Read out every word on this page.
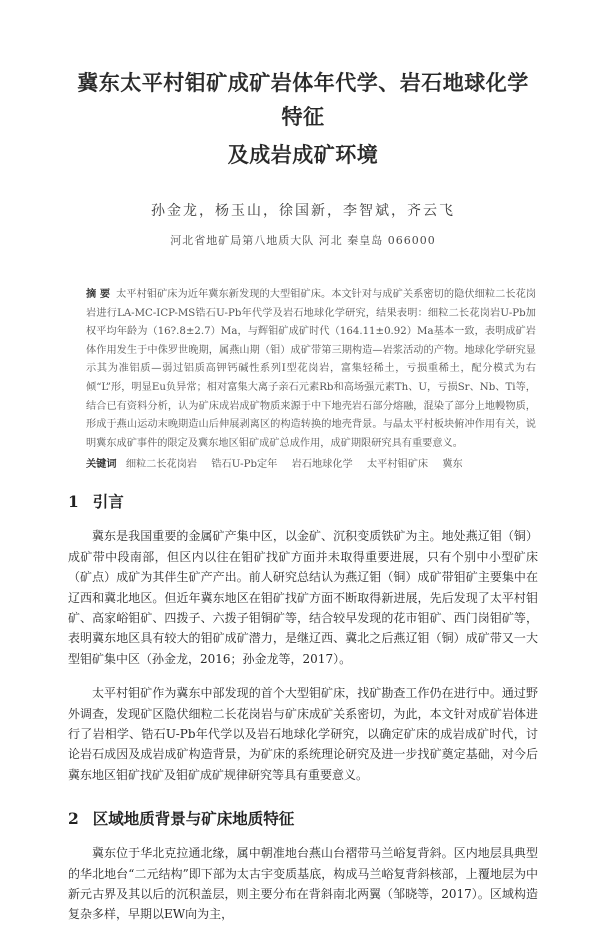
冀东太平村钼矿成矿岩体年代学、岩石地球化学特征
及成岩成矿环境
孙金龙，杨玉山，徐国新，李智斌，齐云飞
河北省地矿局第八地质大队 河北 秦皇岛 066000
摘 要 太平村钼矿床为近年冀东新发现的大型钼矿床。本文针对与成矿关系密切的隐伏细粒二长花岗岩进行LA-MC-ICP-MS锆石U-Pb年代学及岩石地球化学研究，结果表明：细粒二长花岗岩U-Pb加权平均年龄为（16?.8±2.7）Ma，与辉钼矿成矿时代（164.11±0.92）Ma基本一致，表明成矿岩体作用发生于中侏罗世晚期，属燕山期（钼）成矿带第三期构造—岩浆活动的产物。地球化学研究显示其为准铝质—弱过铝质高钾钙碱性系列I型花岗岩，富集轻稀土，亏损重稀土，配分模式为右倾“L”形，明显Eu负异常；相对富集大离子亲石元素Rb和高场强元素Th、U，亏损Sr、Nb、Ti等，结合已有资料分析，认为矿床成岩成矿物质来源于中下地壳岩石部分熔融，混染了部分上地幔物质，形成于燕山运动末晚期造山后伸展剥离区的构造转换的地壳背景。与晶太平村板块俯冲作用有关，说明冀东成矿事件的限定及冀东地区钼矿成矿总成作用，成矿期限研究具有重要意义。
关键词 细粒二长花岗岩 锆石U-Pb定年 岩石地球化学 太平村钼矿床 冀东
1 引言

冀东是我国重要的金属矿产集中区，以金矿、沉积变质铁矿为主。地处燕辽钼（铜）成矿带中段南部，但区内以往在钼矿找矿方面并未取得重要进展，只有个别中小型矿床（矿点）成矿为其伴生矿产产出。前人研究总结认为燕辽钼（铜）成矿带钼矿主要集中在辽西和冀北地区。但近年冀东地区在钼矿找矿方面不断取得新进展，先后发现了太平村钼矿、高家峪钼矿、四拨子、六拨子钼铜矿等，结合较早发现的花市钼矿、西门岗钼矿等，表明冀东地区具有较大的钼矿成矿潜力，是继辽西、冀北之后燕辽钼（铜）成矿带又一大型钼矿集中区（孙金龙，2016；孙金龙等，2017）。

太平村钼矿作为冀东中部发现的首个大型钼矿床，找矿勘查工作仍在进行中。通过野外调查，发现矿区隐伏细粒二长花岗岩与矿床成矿关系密切，为此，本文针对成矿岩体进行了岩相学、锆石U-Pb年代学以及岩石地球化学研究，以确定矿床的成岩成矿时代，讨论岩石成因及成岩成矿构造背景，为矿床的系统理论研究及进一步找矿奠定基础，对今后冀东地区钼矿找矿及钼矿成矿规律研究等具有重要意义。

2 区域地质背景与矿床地质特征

冀东位于华北克拉通北缘，属中朝准地台燕山台褶带马兰峪复背斜。区内地层具典型的华北地台“二元结构”即下部为太古宇变质基底，构成马兰峪复背斜核部，上覆地层为中新元古界及其以后的沉积盖层，则主要分布在背斜南北两翼（邹晓等，2017）。区域构造复杂多样，早期以EW向为主，
